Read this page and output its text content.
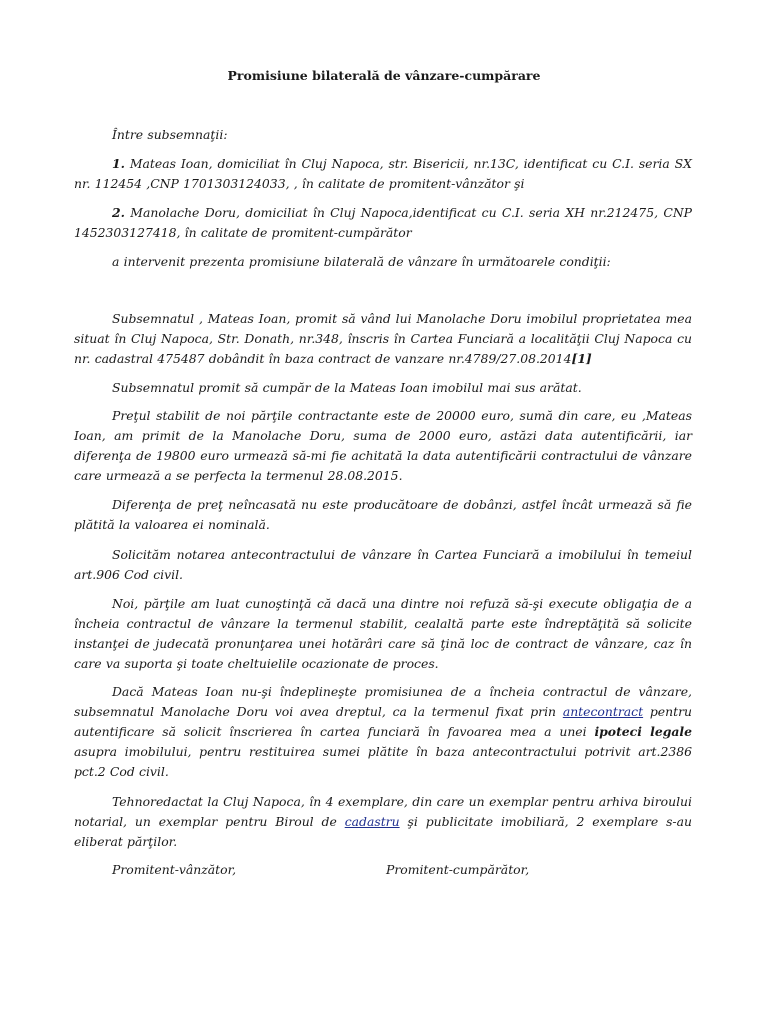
Promisiune bilaterală de vânzare-cumpărare

Între subsemnaţii:

1. Mateas Ioan, domiciliat în Cluj Napoca, str. Bisericii, nr.13C, identificat cu C.I. seria SX nr. 112454 ,CNP 1701303124033, , în calitate de promitent-vânzător şi

2. Manolache Doru, domiciliat în Cluj Napoca,identificat cu C.I. seria XH nr.212475, CNP 1452303127418, în calitate de promitent-cumpărător

a intervenit prezenta promisiune bilaterală de vânzare în următoarele condiţii:

Subsemnatul , Mateas Ioan, promit să vând lui Manolache Doru imobilul proprietatea mea situat în Cluj Napoca, Str. Donath, nr.348, înscris în Cartea Funciară a localităţii Cluj Napoca cu nr. cadastral 475487 dobândit în baza contract de vanzare nr.4789/27.08.2014[1]

Subsemnatul promit să cumpăr de la Mateas Ioan imobilul mai sus arătat.

Preţul stabilit de noi părţile contractante este de 20000 euro, sumă din care, eu ,Mateas Ioan, am primit de la Manolache Doru, suma de 2000 euro, astăzi data autentificării, iar diferenţa de 19800 euro urmează să-mi fie achitată la data autentificării contractului de vânzare care urmează a se perfecta la termenul 28.08.2015.

Diferenţa de preţ neîncasată nu este producătoare de dobânzi, astfel încât urmează să fie plătită la valoarea ei nominală.

Solicităm notarea antecontractului de vânzare în Cartea Funciară a imobilului în temeiul art.906 Cod civil.

Noi, părţile am luat cunoştinţă că dacă una dintre noi refuză să-şi execute obligaţia de a încheia contractul de vânzare la termenul stabilit, cealaltă parte este îndreptăţită să solicite instanţei de judecată pronunţarea unei hotărâri care să ţină loc de contract de vânzare, caz în care va suporta şi toate cheltuielile ocazionate de proces.

Dacă Mateas Ioan nu-şi îndeplineşte promisiunea de a încheia contractul de vânzare, subsemnatul Manolache Doru voi avea dreptul, ca la termenul fixat prin antecontract pentru autentificare să solicit înscrierea în cartea funciară în favoarea mea a unei ipoteci legale asupra imobilului, pentru restituirea sumei plătite în baza antecontractului potrivit art.2386 pct.2 Cod civil.

Tehnoredactat la Cluj Napoca, în 4 exemplare, din care un exemplar pentru arhiva biroului notarial, un exemplar pentru Biroul de cadastru şi publicitate imobiliară, 2 exemplare s-au eliberat părţilor.

Promitent-vânzător,	Promitent-cumpărător,
